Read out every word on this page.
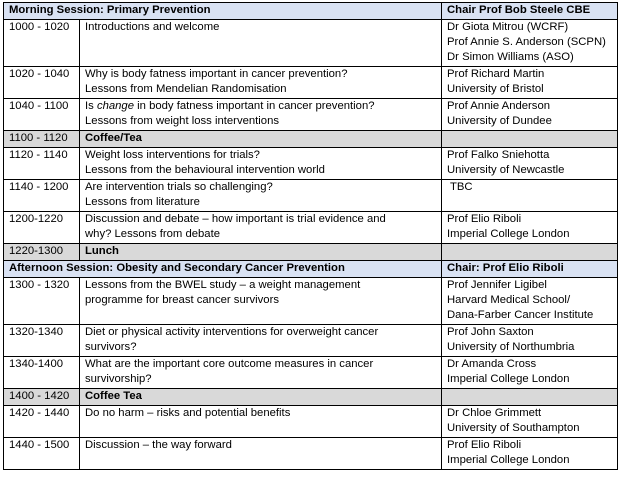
Morning Session: Primary Prevention		Chair Prof Bob Steele CBE
1000 - 1020	Introductions and welcome	Dr Giota Mitrou (WCRF)
Prof Annie S. Anderson (SCPN)
Dr Simon Williams (ASO)

1020 - 1040	Why is body fatness important in cancer prevention?
Lessons from Mendelian Randomisation	Prof Richard Martin
University of Bristol

1040 - 1100	Is change in body fatness important in cancer prevention?
Lessons from weight loss interventions	Prof Annie Anderson
University of Dundee

1100 - 1120	Coffee/Tea	
1120 - 1140	Weight loss interventions for trials?
Lessons from the behavioural intervention world	Prof Falko Sniehotta
University of Newcastle

1140 - 1200	Are intervention trials so challenging?
Lessons from literature	TBC

1200-1220	Discussion and debate – how important is trial evidence and
why? Lessons from debate	Prof Elio Riboli
Imperial College London

1220-1300	Lunch	
Afternoon Session: Obesity and Secondary Cancer Prevention		Chair: Prof Elio Riboli
1300 - 1320	Lessons from the BWEL study – a weight management
programme for breast cancer survivors	Prof Jennifer Ligibel
Harvard Medical School/
Dana-Farber Cancer Institute

1320-1340	Diet or physical activity interventions for overweight cancer
survivors?	Prof John Saxton
University of Northumbria

1340-1400	What are the important core outcome measures in cancer
survivorship?	Dr Amanda Cross
Imperial College London

1400 - 1420	Coffee Tea	
1420 - 1440	Do no harm – risks and potential benefits	Dr Chloe Grimmett
University of Southampton

1440 - 1500	Discussion – the way forward	Prof Elio Riboli
Imperial College London
